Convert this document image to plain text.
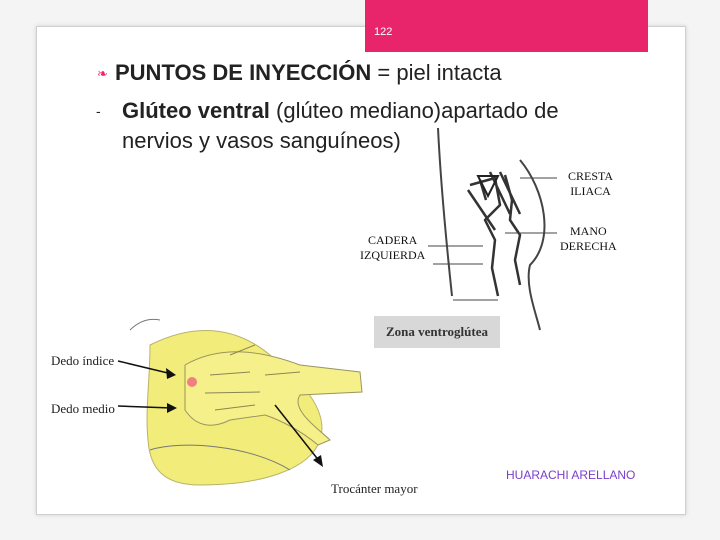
122
❧ PUNTOS DE INYECCIÓN = piel intacta
- Glúteo ventral (glúteo mediano)apartado de
nervios y vasos sanguíneos)
CRESTA
ILIACA
MANO
DERECHA
CADERA
IZQUIERDA
Zona ventroglútea
Dedo índice
Dedo medio
Trocánter mayor
HUARACHI ARELLANO
